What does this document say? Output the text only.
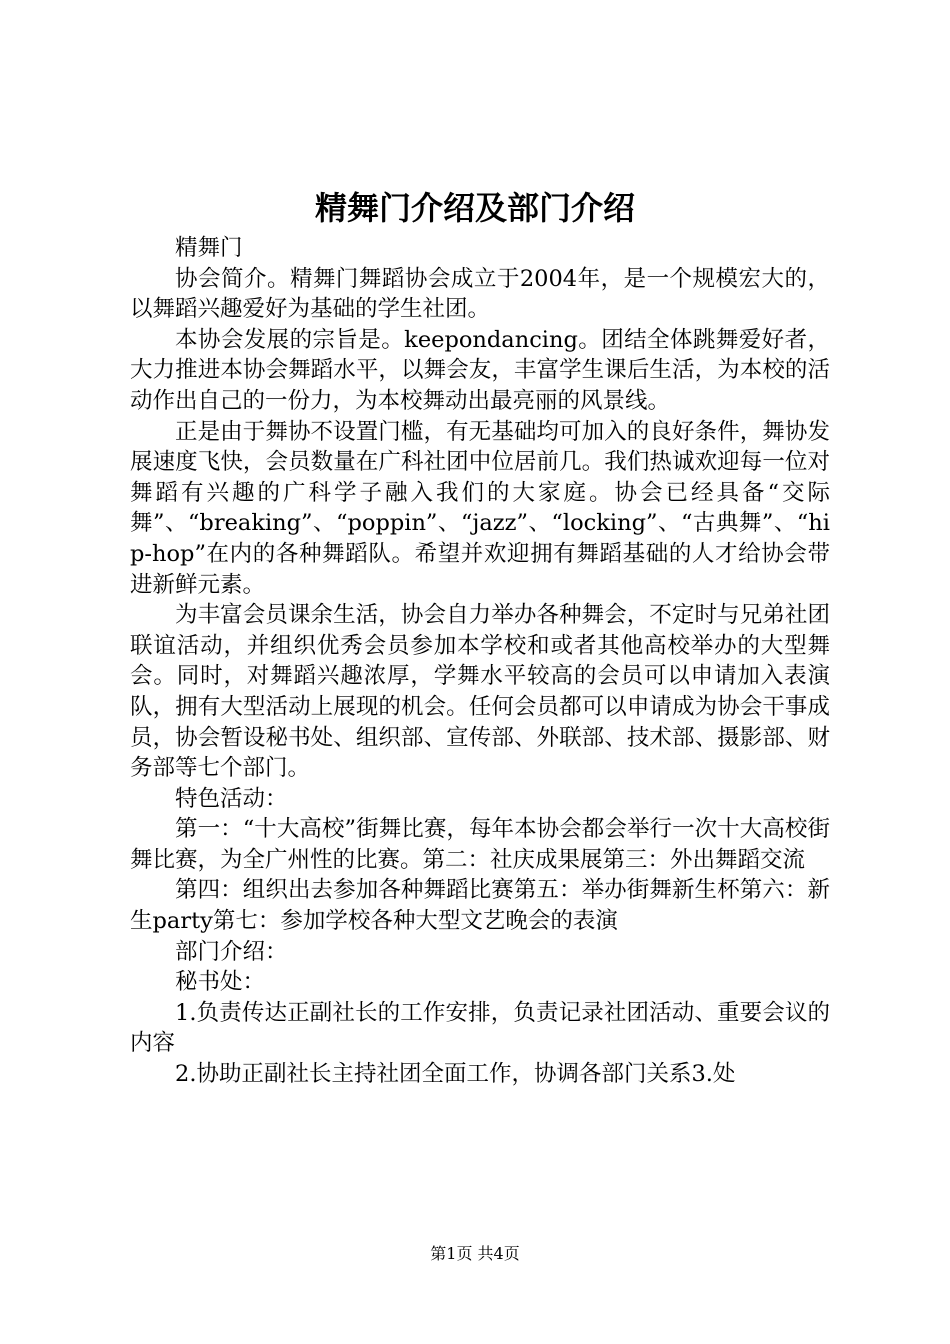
精舞门介绍及部门介绍

精舞门

协会简介。精舞门舞蹈协会成立于2004年，是一个规模宏大的，以舞蹈兴趣爱好为基础的学生社团。

本协会发展的宗旨是。keepondancing。团结全体跳舞爱好者，大力推进本协会舞蹈水平，以舞会友，丰富学生课后生活，为本校的活动作出自己的一份力，为本校舞动出最亮丽的风景线。

正是由于舞协不设置门槛，有无基础均可加入的良好条件，舞协发展速度飞快，会员数量在广科社团中位居前几。我们热诚欢迎每一位对舞蹈有兴趣的广科学子融入我们的大家庭。协会已经具备“交际舞”、“breaking”、“poppin”、“jazz”、“locking”、“古典舞”、“hip-hop”在内的各种舞蹈队。希望并欢迎拥有舞蹈基础的人才给协会带进新鲜元素。

为丰富会员课余生活，协会自力举办各种舞会，不定时与兄弟社团联谊活动，并组织优秀会员参加本学校和或者其他高校举办的大型舞会。同时，对舞蹈兴趣浓厚，学舞水平较高的会员可以申请加入表演队，拥有大型活动上展现的机会。任何会员都可以申请成为协会干事成员，协会暂设秘书处、组织部、宣传部、外联部、技术部、摄影部、财务部等七个部门。

特色活动：

第一：“十大高校”街舞比赛，每年本协会都会举行一次十大高校街舞比赛，为全广州性的比赛。第二：社庆成果展第三：外出舞蹈交流

第四：组织出去参加各种舞蹈比赛第五：举办街舞新生杯第六：新生party第七：参加学校各种大型文艺晚会的表演

部门介绍：

秘书处：

1.负责传达正副社长的工作安排，负责记录社团活动、重要会议的内容

2.协助正副社长主持社团全面工作，协调各部门关系3.处

第1页 共4页
